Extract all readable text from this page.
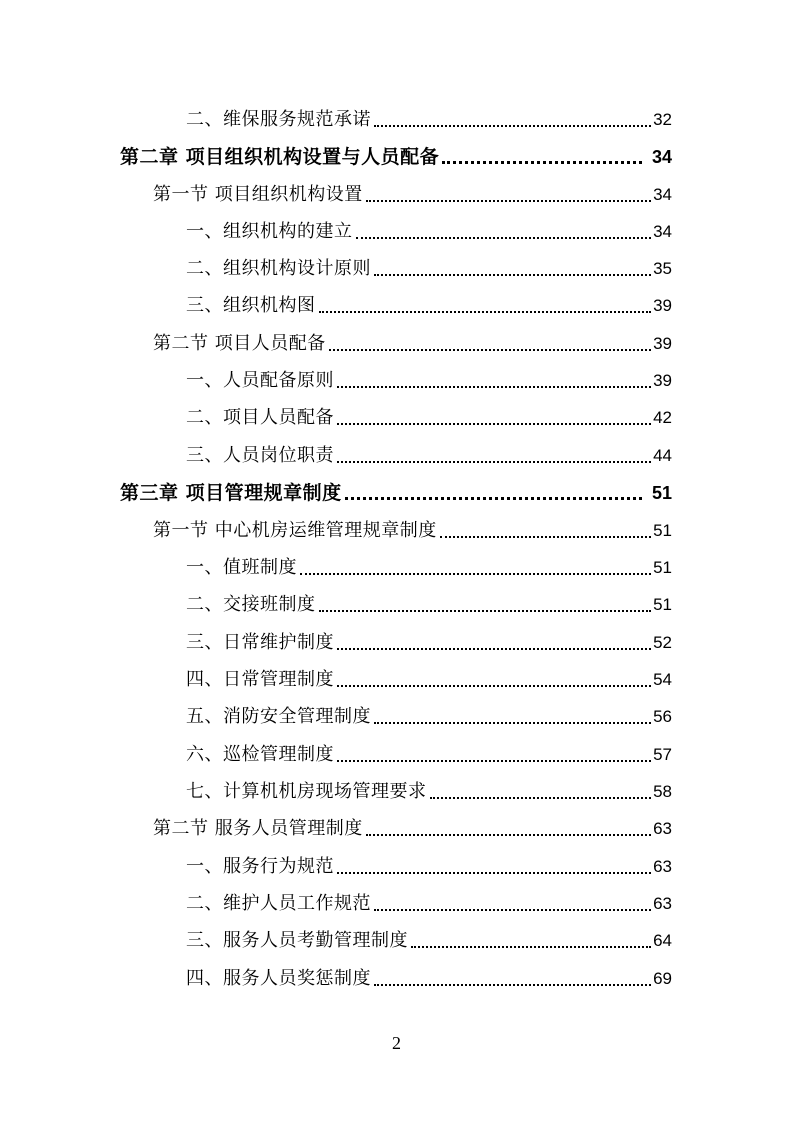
二、维保服务规范承诺	32
第二章 项目组织机构设置与人员配备	34
第一节 项目组织机构设置	34
一、组织机构的建立	34
二、组织机构设计原则	35
三、组织机构图	39
第二节 项目人员配备	39
一、人员配备原则	39
二、项目人员配备	42
三、人员岗位职责	44
第三章 项目管理规章制度	51
第一节 中心机房运维管理规章制度	51
一、值班制度	51
二、交接班制度	51
三、日常维护制度	52
四、日常管理制度	54
五、消防安全管理制度	56
六、巡检管理制度	57
七、计算机机房现场管理要求	58
第二节 服务人员管理制度	63
一、服务行为规范	63
二、维护人员工作规范	63
三、服务人员考勤管理制度	64
四、服务人员奖惩制度	69
2
